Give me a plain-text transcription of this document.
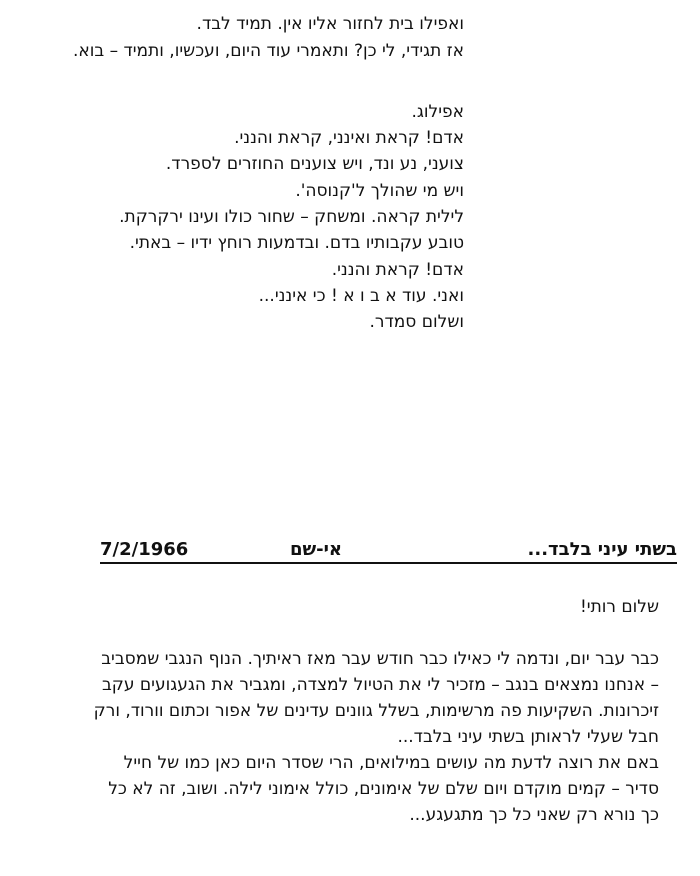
ואפילו בית לחזור אליו אין. תמיד לבד.

אז תגידי, לי כן? ותאמרי עוד היום, ועכשיו, ותמיד – בוא.

אפילוג.

אדם! קראת ואינני, קראת והנני.

צועני, נע ונד, ויש צוענים החוזרים לספרד.

ויש מי שהולך ל'קנוסה'.

לילית קראה. ומשחק – שחור כולו ועינו ירקרקת.

טובע עקבותיו בדם. ובדמעות רוחץ ידיו – באתי.

אדם! קראת והנני.

ואני. עוד א ב ו א ! כי אינני...

ושלום סמדר.

בשתי עיני בלבד...
אי-שם
7/2/1966

שלום רותי!

כבר עבר יום, ונדמה לי כאילו כבר חודש עבר מאז ראיתיך. הנוף הנגבי שמסביב

– אנחנו נמצאים בנגב – מזכיר לי את הטיול למצדה, ומגביר את הגעגועים עקב

זיכרונות. השקיעות פה מרשימות, בשלל גוונים עדינים של אפור וכתום וורוד, ורק

חבל שעלי לראותן בשתי עיני בלבד...

באם את רוצה לדעת מה עושים במילואים, הרי שסדר היום כאן כמו של חייל

סדיר – קמים מוקדם ויום שלם של אימונים, כולל אימוני לילה. ושוב, זה לא כל

כך נורא רק שאני כל כך מתגעגע...
